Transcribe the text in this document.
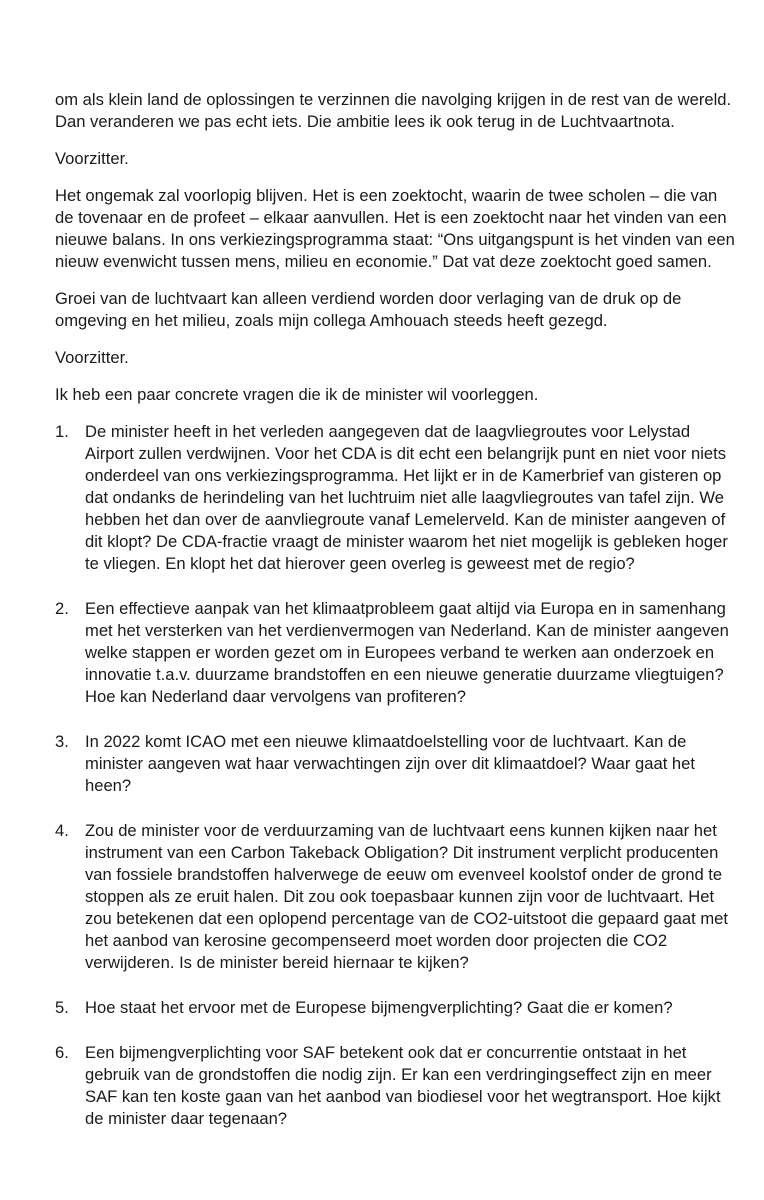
om als klein land de oplossingen te verzinnen die navolging krijgen in de rest van de wereld. Dan veranderen we pas echt iets. Die ambitie lees ik ook terug in de Luchtvaartnota.

Voorzitter.

Het ongemak zal voorlopig blijven. Het is een zoektocht, waarin de twee scholen – die van de tovenaar en de profeet – elkaar aanvullen. Het is een zoektocht naar het vinden van een nieuwe balans. In ons verkiezingsprogramma staat: “Ons uitgangspunt is het vinden van een nieuw evenwicht tussen mens, milieu en economie.” Dat vat deze zoektocht goed samen.

Groei van de luchtvaart kan alleen verdiend worden door verlaging van de druk op de omgeving en het milieu, zoals mijn collega Amhouach steeds heeft gezegd.

Voorzitter.

Ik heb een paar concrete vragen die ik de minister wil voorleggen.

1. De minister heeft in het verleden aangegeven dat de laagvliegroutes voor Lelystad Airport zullen verdwijnen. Voor het CDA is dit echt een belangrijk punt en niet voor niets onderdeel van ons verkiezingsprogramma. Het lijkt er in de Kamerbrief van gisteren op dat ondanks de herindeling van het luchtruim niet alle laagvliegroutes van tafel zijn. We hebben het dan over de aanvliegroute vanaf Lemelerveld. Kan de minister aangeven of dit klopt? De CDA-fractie vraagt de minister waarom het niet mogelijk is gebleken hoger te vliegen. En klopt het dat hierover geen overleg is geweest met de regio?
2. Een effectieve aanpak van het klimaatprobleem gaat altijd via Europa en in samenhang met het versterken van het verdienvermogen van Nederland. Kan de minister aangeven welke stappen er worden gezet om in Europees verband te werken aan onderzoek en innovatie t.a.v. duurzame brandstoffen en een nieuwe generatie duurzame vliegtuigen? Hoe kan Nederland daar vervolgens van profiteren?
3. In 2022 komt ICAO met een nieuwe klimaatdoelstelling voor de luchtvaart. Kan de minister aangeven wat haar verwachtingen zijn over dit klimaatdoel? Waar gaat het heen?
4. Zou de minister voor de verduurzaming van de luchtvaart eens kunnen kijken naar het instrument van een Carbon Takeback Obligation? Dit instrument verplicht producenten van fossiele brandstoffen halverwege de eeuw om evenveel koolstof onder de grond te stoppen als ze eruit halen. Dit zou ook toepasbaar kunnen zijn voor de luchtvaart. Het zou betekenen dat een oplopend percentage van de CO2-uitstoot die gepaard gaat met het aanbod van kerosine gecompenseerd moet worden door projecten die CO2 verwijderen. Is de minister bereid hiernaar te kijken?
5. Hoe staat het ervoor met de Europese bijmengverplichting? Gaat die er komen?
6. Een bijmengverplichting voor SAF betekent ook dat er concurrentie ontstaat in het gebruik van de grondstoffen die nodig zijn. Er kan een verdringingseffect zijn en meer SAF kan ten koste gaan van het aanbod van biodiesel voor het wegtransport. Hoe kijkt de minister daar tegenaan?
